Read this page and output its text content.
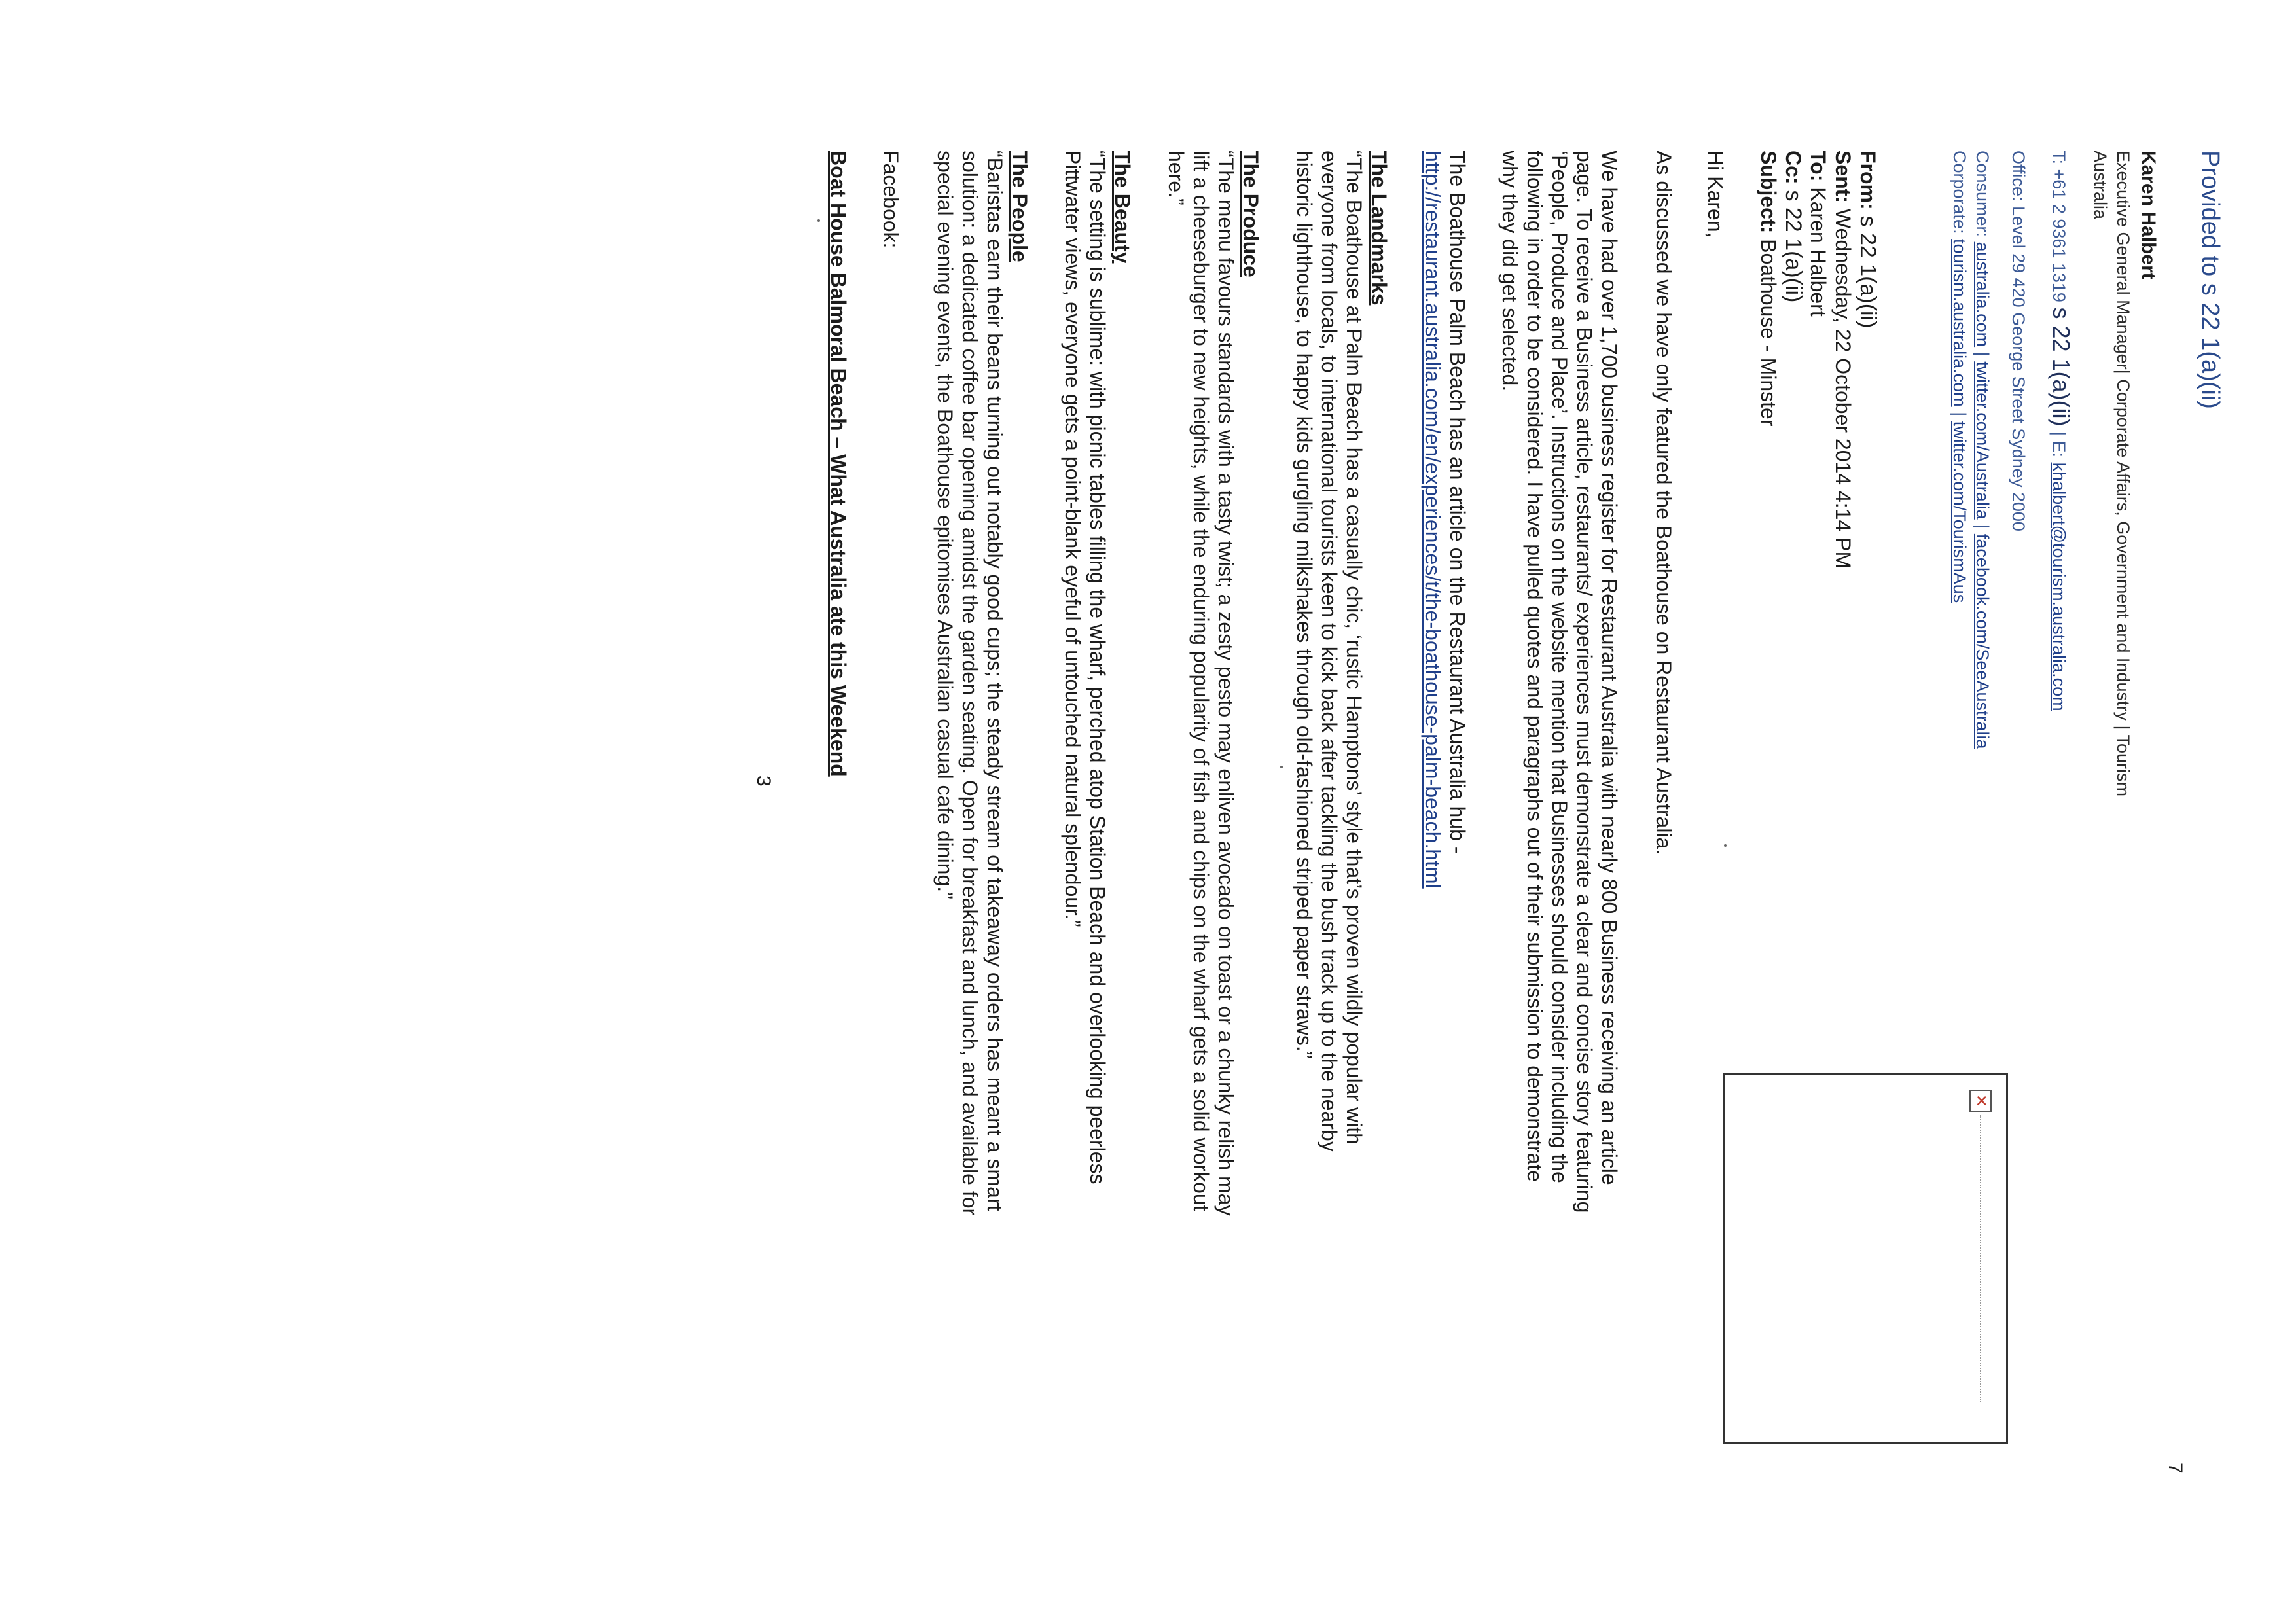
7
Provided to s 22 1(a)(ii)
Karen Halbert
Executive General Manager| Corporate Affairs, Government and Industry | Tourism
Australia
T: +61 2 9361 1319 s 22 1(a)(ii) | E: khalbert@tourism.australia.com
Office: Level 29 420 George Street Sydney 2000
Consumer: australia.com | twitter.com/Australia | facebook.com/SeeAustralia
Corporate: tourism.australia.com | twitter.com/TourismAus
✕
From: s 22 1(a)(ii)
Sent: Wednesday, 22 October 2014 4:14 PM
To: Karen Halbert
Cc: s 22 1(a)(ii)
Subject: Boathouse - Minster
Hi Karen,
As discussed we have only featured the Boathouse on Restaurant Australia.
We have had over 1,700 business register for Restaurant Australia with nearly 800 Business receiving an article
page. To receive a Business article, restaurants/ experiences must demonstrate a clear and concise story featuring
‘People, Produce and Place’. Instructions on the website mention that Businesses should consider including the
following in order to be considered. I have pulled quotes and paragraphs out of their submission to demonstrate
why they did get selected.
The Boathouse Palm Beach has an article on the Restaurant Australia hub -
http://restaurant.australia.com/en/experiences/t/the-boathouse-palm-beach.html
The Landmarks
“The Boathouse at Palm Beach has a casually chic, ‘rustic Hamptons’ style that’s proven wildly popular with
everyone from locals, to international tourists keen to kick back after tackling the bush track up to the nearby
historic lighthouse, to happy kids gurgling milkshakes through old-fashioned striped paper straws.”
The Produce
“The menu favours standards with a tasty twist; a zesty pesto may enliven avocado on toast or a chunky relish may
lift a cheeseburger to new heights, while the enduring popularity of fish and chips on the wharf gets a solid workout
here.”
The Beauty
“The setting is sublime: with picnic tables filling the wharf, perched atop Station Beach and overlooking peerless
Pittwater views, everyone gets a point-blank eyeful of untouched natural splendour.”
The People
“Baristas earn their beans turning out notably good cups; the steady stream of takeaway orders has meant a smart
solution: a dedicated coffee bar opening amidst the garden seating. Open for breakfast and lunch, and available for
special evening events, the Boathouse epitomises Australian casual cafe dining.”
Facebook:
Boat House Balmoral Beach – What Australia ate this Weekend
3
